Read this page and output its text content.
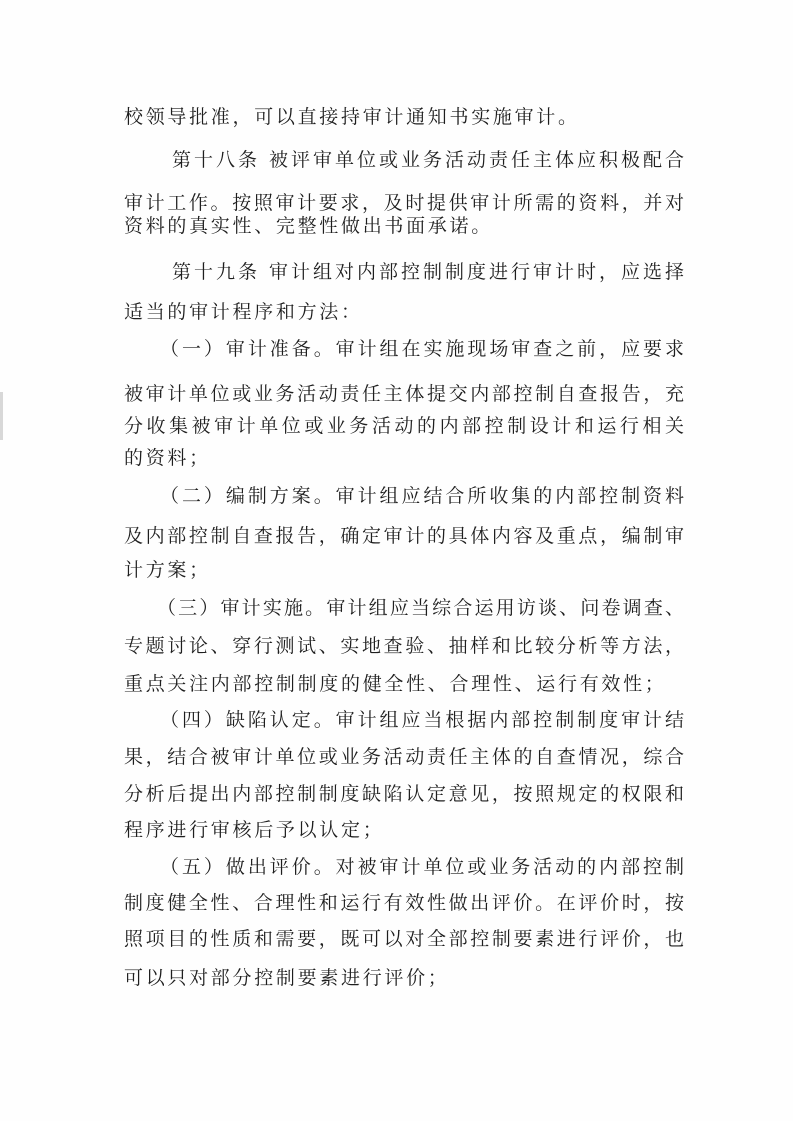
校领导批准，可以直接持审计通知书实施审计。
第十八条 被评审单位或业务活动责任主体应积极配合
审计工作。按照审计要求，及时提供审计所需的资料，并对
资料的真实性、完整性做出书面承诺。
第十九条 审计组对内部控制制度进行审计时，应选择
适当的审计程序和方法：
（一）审计准备。审计组在实施现场审查之前，应要求
被审计单位或业务活动责任主体提交内部控制自查报告，充
分收集被审计单位或业务活动的内部控制设计和运行相关
的资料；
（二）编制方案。审计组应结合所收集的内部控制资料
及内部控制自查报告，确定审计的具体内容及重点，编制审
计方案；
（三）审计实施。审计组应当综合运用访谈、问卷调查、
专题讨论、穿行测试、实地查验、抽样和比较分析等方法，
重点关注内部控制制度的健全性、合理性、运行有效性；
（四）缺陷认定。审计组应当根据内部控制制度审计结
果，结合被审计单位或业务活动责任主体的自查情况，综合
分析后提出内部控制制度缺陷认定意见，按照规定的权限和
程序进行审核后予以认定；
（五）做出评价。对被审计单位或业务活动的内部控制
制度健全性、合理性和运行有效性做出评价。在评价时，按
照项目的性质和需要，既可以对全部控制要素进行评价，也
可以只对部分控制要素进行评价；
